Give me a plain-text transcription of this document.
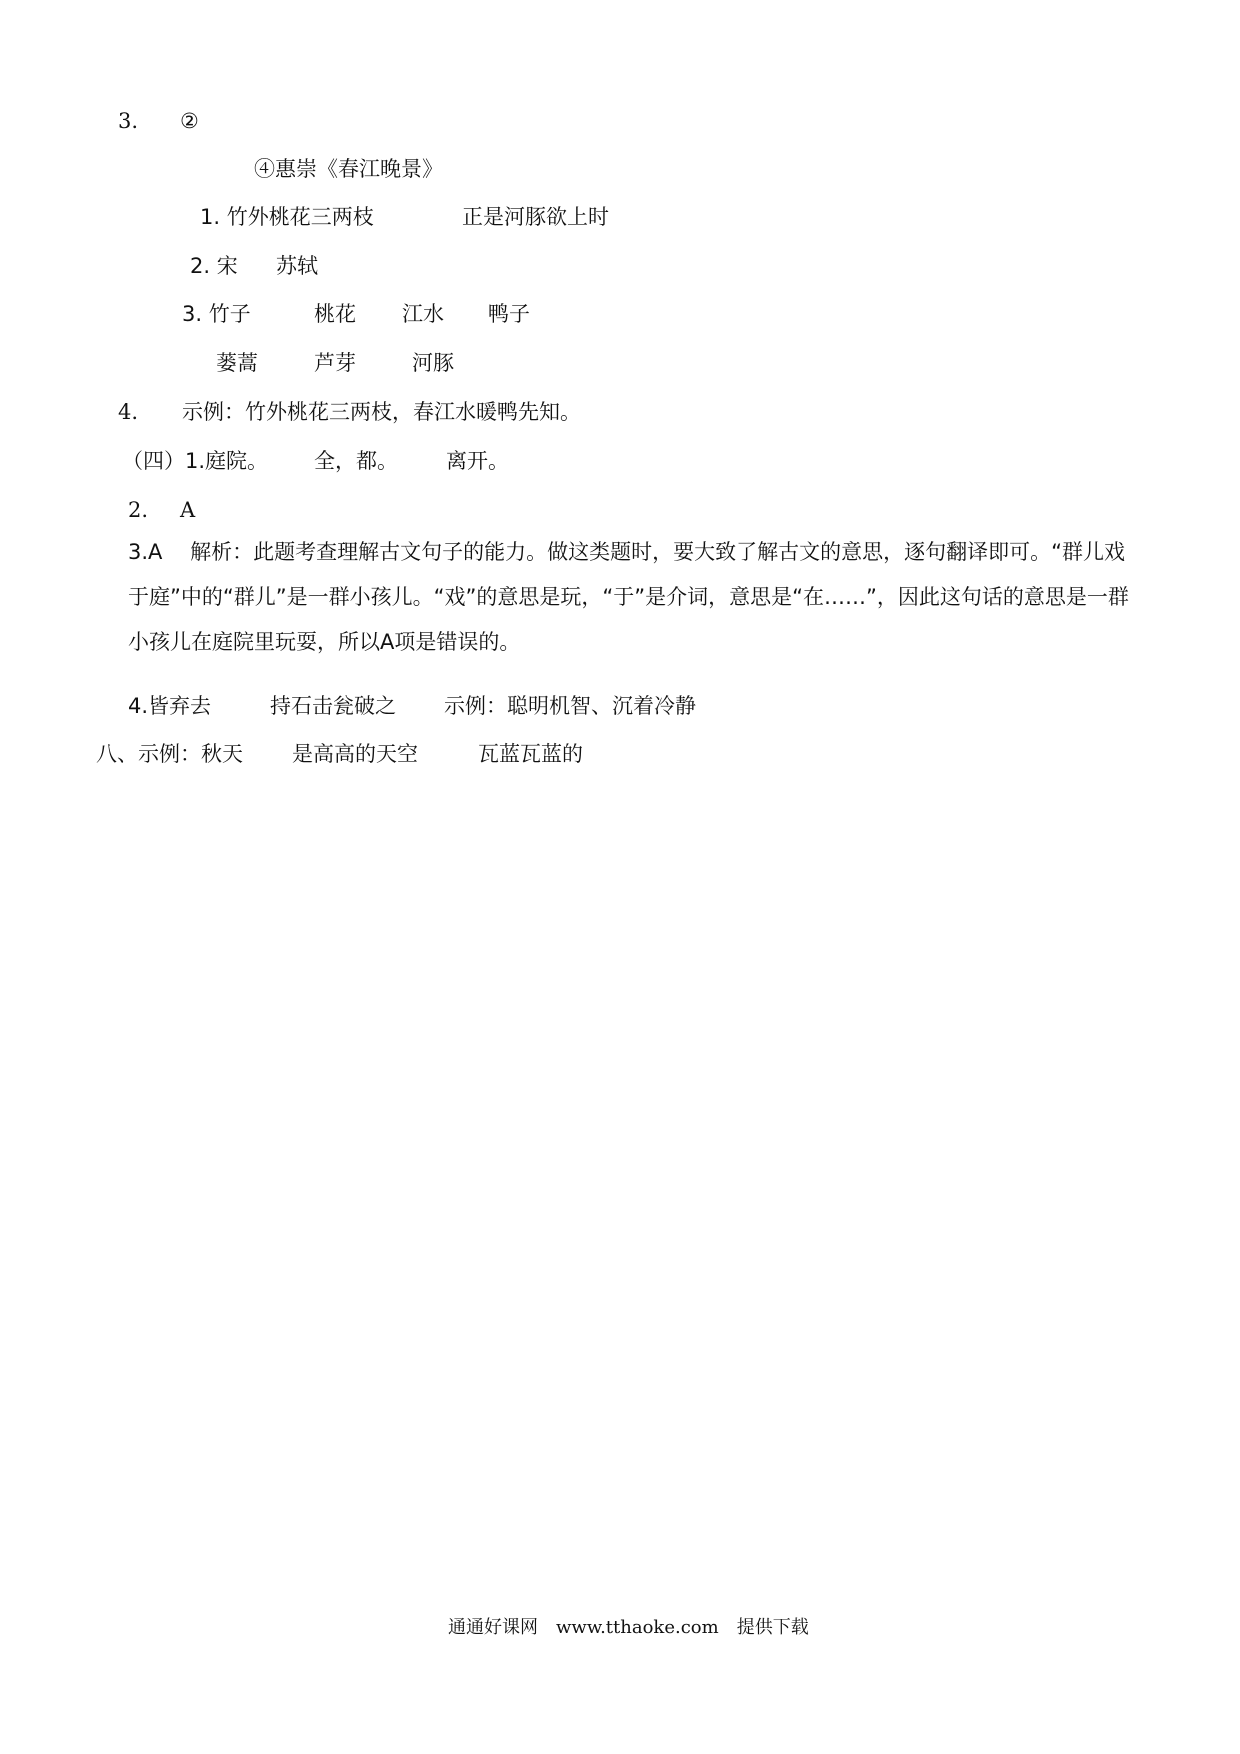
3. ②
④惠崇《春江晚景》
1. 竹外桃花三两枝	正是河豚欲上时
2. 宋 苏轼
3. 竹子	桃花 江水 鸭子
蒌蒿	芦芽	河豚
4. 示例：竹外桃花三两枝，春江水暖鸭先知。
（四）1.庭院。 全，都。 离开。
2. A
3.A　 解析：此题考查理解古文句子的能力。做这类题时，要大致了解古文的意思，逐句翻译即可。“群儿戏于庭”中的“群儿”是一群小孩儿。“戏”的意思是玩，“于”是介词，意思是“在……”，因此这句话的意思是一群小孩儿在庭院里玩耍，所以A项是错误的。
4.皆弃去	持石击瓮破之 示例：聪明机智、沉着冷静
八、示例：秋天 是高高的天空	瓦蓝瓦蓝的
通通好课网　www.tthaoke.com　提供下载
